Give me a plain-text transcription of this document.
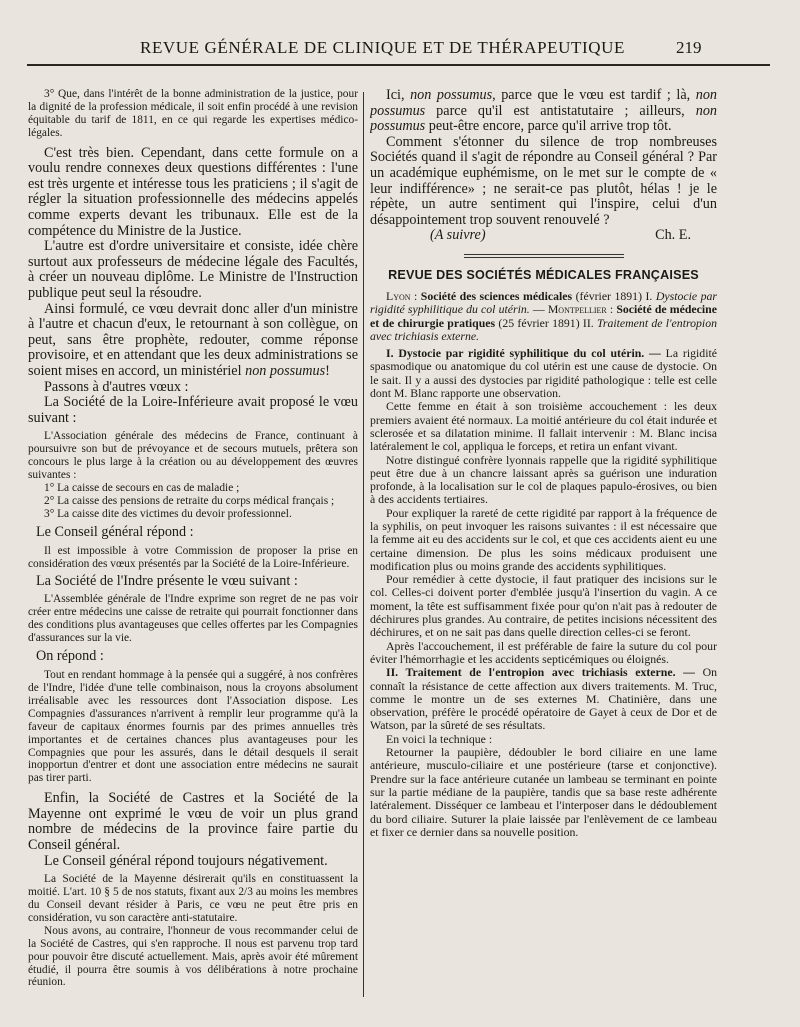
REVUE GÉNÉRALE DE CLINIQUE ET DE THÉRAPEUTIQUE	219

3° Que, dans l'intérêt de la bonne administration de la justice, pour la dignité de la profession médicale, il soit enfin procédé à une revision équitable du tarif de 1811, en ce qui regarde les expertises médico-légales.

C'est très bien. Cependant, dans cette formule on a voulu rendre connexes deux questions différentes : l'une est très urgente et intéresse tous les praticiens ; il s'agit de régler la situation professionnelle des médecins appelés comme experts devant les tribunaux. Elle est de la compétence du Ministre de la Justice.

L'autre est d'ordre universitaire et consiste, idée chère surtout aux professeurs de médecine légale des Facultés, à créer un nouveau diplôme. Le Ministre de l'Instruction publique peut seul la résoudre.

Ainsi formulé, ce vœu devrait donc aller d'un ministre à l'autre et chacun d'eux, le retournant à son collègue, on peut, sans être prophète, redouter, comme réponse provisoire, et en attendant que les deux administrations se soient mises en accord, un ministériel non possumus!

Passons à d'autres vœux :

La Société de la Loire-Inférieure avait proposé le vœu suivant :

L'Association générale des médecins de France, continuant à poursuivre son but de prévoyance et de secours mutuels, prêtera son concours le plus large à la création ou au développement des œuvres suivantes :

1° La caisse de secours en cas de maladie ;

2° La caisse des pensions de retraite du corps médical français ;

3° La caisse dite des victimes du devoir professionnel.

Le Conseil général répond :

Il est impossible à votre Commission de proposer la prise en considération des vœux présentés par la Société de la Loire-Inférieure.

La Société de l'Indre présente le vœu suivant :

L'Assemblée générale de l'Indre exprime son regret de ne pas voir créer entre médecins une caisse de retraite qui pourrait fonctionner dans des conditions plus avantageuses que celles offertes par les Compagnies d'assurances sur la vie.

On répond :

Tout en rendant hommage à la pensée qui a suggéré, à nos confrères de l'Indre, l'idée d'une telle combinaison, nous la croyons absolument irréalisable avec les ressources dont l'Association dispose. Les Compagnies d'assurances n'arrivent à remplir leur programme qu'à la faveur de capitaux énormes fournis par des primes annuelles très importantes et de certaines chances plus avantageuses pour les Compagnies que pour les assurés, dans le détail desquels il serait inopportun d'entrer et dont une association entre médecins ne saurait pas tirer parti.

Enfin, la Société de Castres et la Société de la Mayenne ont exprimé le vœu de voir un plus grand nombre de médecins de la province faire partie du Conseil général.

Le Conseil général répond toujours négativement.

La Société de la Mayenne désirerait qu'ils en constituassent la moitié. L'art. 10 § 5 de nos statuts, fixant aux 2/3 au moins les membres du Conseil devant résider à Paris, ce vœu ne peut être pris en considération, vu son caractère anti-statutaire.

Nous avons, au contraire, l'honneur de vous recommander celui de la Société de Castres, qui s'en rapproche. Il nous est parvenu trop tard pour pouvoir être discuté actuellement. Mais, après avoir été mûrement étudié, il pourra être soumis à vos délibérations à notre prochaine réunion.

Ici, non possumus, parce que le vœu est tardif ; là, non possumus parce qu'il est antistatutaire ; ailleurs, non possumus peut-être encore, parce qu'il arrive trop tôt.

Comment s'étonner du silence de trop nombreuses Sociétés quand il s'agit de répondre au Conseil général ? Par un académique euphémisme, on le met sur le compte de « leur indifférence» ; ne serait-ce pas plutôt, hélas ! je le répète, un autre sentiment qui l'inspire, celui d'un désappointement trop souvent renouvelé ?

(A suivre)	Ch. E.
REVUE DES SOCIÉTÉS MÉDICALES FRANÇAISES

Lyon : Société des sciences médicales (février 1891) I. Dystocie par rigidité syphilitique du col utérin. — Montpellier : Société de médecine et de chirurgie pratiques (25 février 1891) II. Traitement de l'entropion avec trichiasis externe.

I. Dystocie par rigidité syphilitique du col utérin. — La rigidité spasmodique ou anatomique du col utérin est une cause de dystocie. On le sait. Il y a aussi des dystocies par rigidité pathologique : telle est celle dont M. Blanc rapporte une observation.

Cette femme en était à son troisième accouchement : les deux premiers avaient été normaux. La moitié antérieure du col était indurée et sclerosée et sa dilatation minime. Il fallait intervenir : M. Blanc incisa latéralement le col, appliqua le forceps, et retira un enfant vivant.

Notre distingué confrère lyonnais rappelle que la rigidité syphilitique peut être due à un chancre laissant après sa guérison une induration profonde, à la localisation sur le col de plaques papulo-érosives, ou bien à des accidents tertiaires.

Pour expliquer la rareté de cette rigidité par rapport à la fréquence de la syphilis, on peut invoquer les raisons suivantes : il est nécessaire que la femme ait eu des accidents sur le col, et que ces accidents aient eu une certaine dimension. De plus les soins médicaux produisent une modification plus ou moins grande des accidents syphilitiques.

Pour remédier à cette dystocie, il faut pratiquer des incisions sur le col. Celles-ci doivent porter d'emblée jusqu'à l'insertion du vagin. A ce moment, la tête est suffisamment fixée pour qu'on n'ait pas à redouter de déchirures plus grandes. Au contraire, de petites incisions nécessitent des déchirures, et on ne sait pas dans quelle direction celles-ci se feront.

Après l'accouchement, il est préférable de faire la suture du col pour éviter l'hémorrhagie et les accidents septicémiques ou éloignés.

II. Traitement de l'entropion avec trichiasis externe. — On connaît la résistance de cette affection aux divers traitements. M. Truc, comme le montre un de ses externes M. Chatinière, dans une observation, préfère le procédé opératoire de Gayet à ceux de Dor et de Watson, par la sûreté de ses résultats.

En voici la technique :

Retourner la paupière, dédoubler le bord ciliaire en une lame antérieure, musculo-ciliaire et une postérieure (tarse et conjonctive). Prendre sur la face antérieure cutanée un lambeau se terminant en pointe sur la partie médiane de la paupière, tandis que sa base reste adhérente latéralement. Disséquer ce lambeau et l'interposer dans le dédoublement du bord ciliaire. Suturer la plaie laissée par l'enlèvement de ce lambeau et fixer ce dernier dans sa nouvelle position.
